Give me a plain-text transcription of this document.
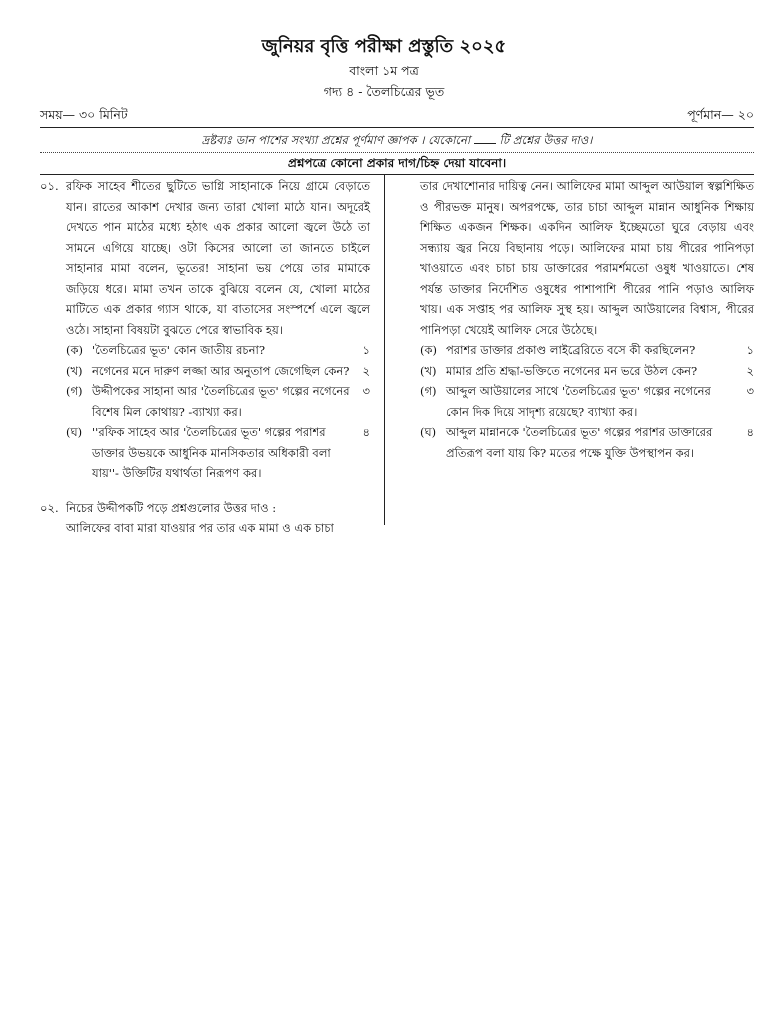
জুনিয়র বৃত্তি পরীক্ষা প্রস্তুতি ২০২৫
বাংলা ১ম পত্র
গদ্য ৪ - তৈলচিত্রের ভূত
সময়— ৩০ মিনিট	পূর্ণমান— ২০
দ্রষ্টব্যঃ ডান পাশের সংখ্যা প্রশ্নের পূর্ণমাণ জ্ঞাপক । যেকোনো  টি প্রশ্নের উত্তর দাও।
প্রশ্নপত্রে কোনো প্রকার দাগ/চিহ্ন দেয়া যাবেনা।
০১. রফিক সাহেব শীতের ছুটিতে ভাগ্নি সাহানাকে নিয়ে গ্রামে বেড়াতে যান। রাতের আকাশ দেখার জন্য তারা খোলা মাঠে যান। অদূরেই দেখতে পান মাঠের মধ্যে হঠাৎ এক প্রকার আলো জ্বলে উঠে তা সামনে এগিয়ে যাচ্ছে। ওটা কিসের আলো তা জানতে চাইলে সাহানার মামা বলেন, ভূতের! সাহানা ভয় পেয়ে তার মামাকে জড়িয়ে ধরে। মামা তখন তাকে বুঝিয়ে বলেন যে, খোলা মাঠের মাটিতে এক প্রকার গ্যাস থাকে, যা বাতাসের সংস্পর্শে এলে জ্বলে ওঠে। সাহানা বিষয়টা বুঝতে পেরে স্বাভাবিক হয়।
(ক) 'তৈলচিত্রের ভূত' কোন জাতীয় রচনা?	১
(খ) নগেনের মনে দারুণ লজ্জা আর অনুতাপ জেগেছিল কেন? ২
(গ) উদ্দীপকের সাহানা আর 'তৈলচিত্রের ভূত' গল্পের নগেনের বিশেষ মিল কোথায়? -ব্যাখ্যা কর।
৩
(ঘ) ''রফিক সাহেব আর 'তৈলচিত্রের ভূত' গল্পের পরাশর ডাক্তার উভয়কে আধুনিক মানসিকতার অধিকারী বলা যায়''- উক্তিটির যথার্থতা নিরূপণ কর।
৪
০২. নিচের উদ্দীপকটি পড়ে প্রশ্নগুলোর উত্তর দাও :
আলিফের বাবা মারা যাওয়ার পর তার এক মামা ও এক চাচা
তার দেখাশোনার দায়িত্ব নেন। আলিফের মামা আব্দুল আউয়াল স্বল্পশিক্ষিত ও পীরভক্ত মানুষ। অপরপক্ষে, তার চাচা আব্দুল মান্নান আধুনিক শিক্ষায় শিক্ষিত একজন শিক্ষক। একদিন আলিফ ইচ্ছেমতো ঘুরে বেড়ায় এবং সন্ধ্যায় জ্বর নিয়ে বিছানায় পড়ে। আলিফের মামা চায় পীরের পানিপড়া খাওয়াতে এবং চাচা চায় ডাক্তারের পরামর্শমতো ওষুধ খাওয়াতে। শেষ পর্যন্ত ডাক্তার নির্দেশিত ওষুধের পাশাপাশি পীরের পানি পড়াও আলিফ খায়। এক সপ্তাহ পর আলিফ সুস্থ হয়। আব্দুল আউয়ালের বিশ্বাস, পীরের পানিপড়া খেয়েই আলিফ সেরে উঠেছে।
(ক) পরাশর ডাক্তার প্রকাণ্ড লাইব্রেরিতে বসে কী করছিলেন?	১
(খ) মামার প্রতি শ্রদ্ধা-ভক্তিতে নগেনের মন ভরে উঠল কেন?	২
(গ) আব্দুল আউয়ালের সাথে 'তৈলচিত্রের ভূত' গল্পের নগেনের কোন দিক দিয়ে সাদৃশ্য রয়েছে? ব্যাখ্যা কর।
৩
(ঘ) আব্দুল মান্নানকে 'তৈলচিত্রের ভূত' গল্পের পরাশর ডাক্তারের প্রতিরূপ বলা যায় কি? মতের পক্ষে যুক্তি উপস্থাপন কর।
৪
